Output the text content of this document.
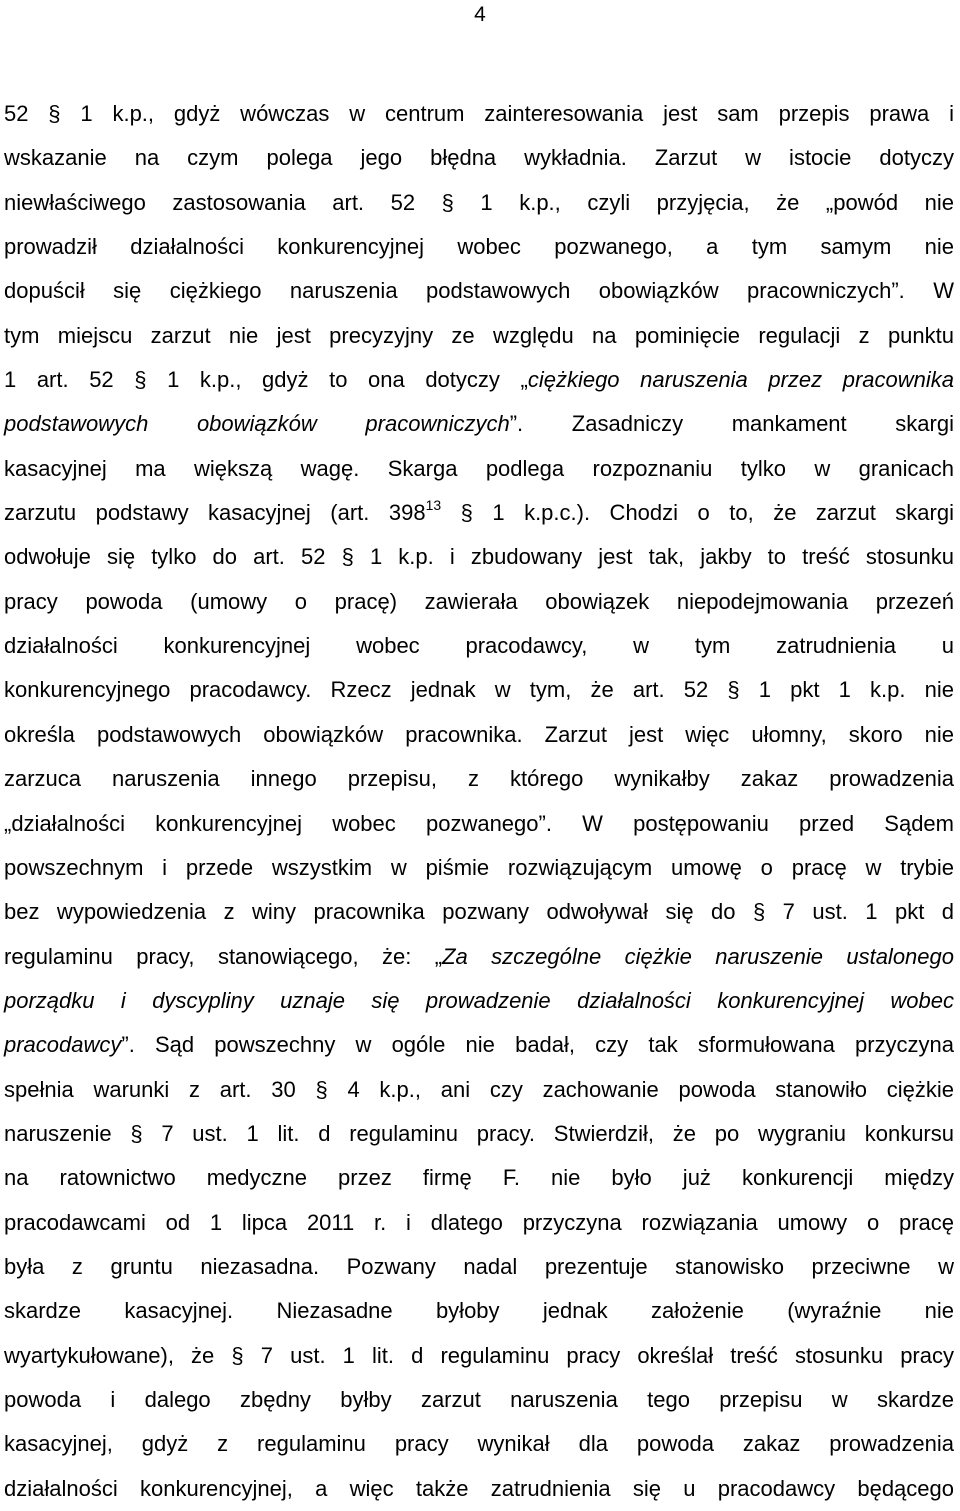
4
52 § 1 k.p., gdyż wówczas w centrum zainteresowania jest sam przepis prawa i
wskazanie na czym polega jego błędna wykładnia. Zarzut w istocie dotyczy
niewłaściwego zastosowania art. 52 § 1 k.p., czyli przyjęcia, że „powód nie
prowadził działalności konkurencyjnej wobec pozwanego, a tym samym nie
dopuścił się ciężkiego naruszenia podstawowych obowiązków pracowniczych”. W
tym miejscu zarzut nie jest precyzyjny ze względu na pominięcie regulacji z punktu
1 art. 52 § 1 k.p., gdyż to ona dotyczy „ciężkiego naruszenia przez pracownika
podstawowych obowiązków pracowniczych”. Zasadniczy mankament skargi
kasacyjnej ma większą wagę. Skarga podlega rozpoznaniu tylko w granicach
zarzutu podstawy kasacyjnej (art. $398^{13}$ § 1 k.p.c.). Chodzi o to, że zarzut skargi
odwołuje się tylko do art. 52 § 1 k.p. i zbudowany jest tak, jakby to treść stosunku
pracy powoda (umowy o pracę) zawierała obowiązek niepodejmowania przezeń
działalności konkurencyjnej wobec pracodawcy, w tym zatrudnienia u
konkurencyjnego pracodawcy. Rzecz jednak w tym, że art. 52 § 1 pkt 1 k.p. nie
określa podstawowych obowiązków pracownika. Zarzut jest więc ułomny, skoro nie
zarzuca naruszenia innego przepisu, z którego wynikałby zakaz prowadzenia
„działalności konkurencyjnej wobec pozwanego”. W postępowaniu przed Sądem
powszechnym i przede wszystkim w piśmie rozwiązującym umowę o pracę w trybie
bez wypowiedzenia z winy pracownika pozwany odwoływał się do § 7 ust. 1 pkt d
regulaminu pracy, stanowiącego, że: „Za szczególne ciężkie naruszenie ustalonego
porządku i dyscypliny uznaje się prowadzenie działalności konkurencyjnej wobec
pracodawcy”. Sąd powszechny w ogóle nie badał, czy tak sformułowana przyczyna
spełnia warunki z art. 30 § 4 k.p., ani czy zachowanie powoda stanowiło ciężkie
naruszenie § 7 ust. 1 lit. d regulaminu pracy. Stwierdził, że po wygraniu konkursu
na ratownictwo medyczne przez firmę F. nie było już konkurencji między
pracodawcami od 1 lipca 2011 r. i dlatego przyczyna rozwiązania umowy o pracę
była z gruntu niezasadna. Pozwany nadal prezentuje stanowisko przeciwne w
skardze kasacyjnej. Niezasadne byłoby jednak założenie (wyraźnie nie
wyartykułowane), że § 7 ust. 1 lit. d regulaminu pracy określał treść stosunku pracy
powoda i dalego zbędny byłby zarzut naruszenia tego przepisu w skardze
kasacyjnej, gdyż z regulaminu pracy wynikał dla powoda zakaz prowadzenia
działalności konkurencyjnej, a więc także zatrudnienia się u pracodawcy będącego
